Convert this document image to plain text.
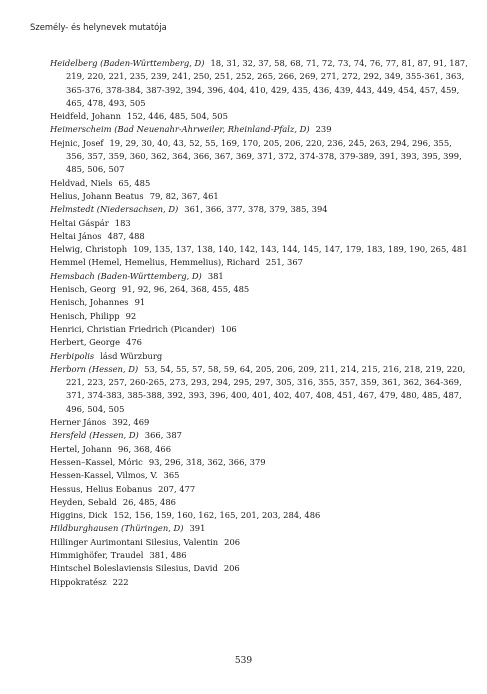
Személy- és helynevek mutatója

Heidelberg (Baden-Württemberg, D) 18, 31, 32, 37, 58, 68, 71, 72, 73, 74, 76, 77, 81, 87, 91, 187, 219, 220, 221, 235, 239, 241, 250, 251, 252, 265, 266, 269, 271, 272, 292, 349, 355-361, 363, 365-376, 378-384, 387-392, 394, 396, 404, 410, 429, 435, 436, 439, 443, 449, 454, 457, 459, 465, 478, 493, 505

Heidfeld, Johann 152, 446, 485, 504, 505

Heimerscheim (Bad Neuenahr-Ahrweiler, Rheinland-Pfalz, D) 239

Hejnic, Josef 19, 29, 30, 40, 43, 52, 55, 169, 170, 205, 206, 220, 236, 245, 263, 294, 296, 355, 356, 357, 359, 360, 362, 364, 366, 367, 369, 371, 372, 374-378, 379-389, 391, 393, 395, 399, 485, 506, 507

Heldvad, Niels 65, 485

Helius, Johann Beatus 79, 82, 367, 461

Helmstedt (Niedersachsen, D) 361, 366, 377, 378, 379, 385, 394

Heltai Gáspár 183

Heltai János 487, 488

Helwig, Christoph 109, 135, 137, 138, 140, 142, 143, 144, 145, 147, 179, 183, 189, 190, 265, 481

Hemmel (Hemel, Hemelius, Hemmelius), Richard 251, 367

Hemsbach (Baden-Württemberg, D) 381

Henisch, Georg 91, 92, 96, 264, 368, 455, 485

Henisch, Johannes 91

Henisch, Philipp 92

Henrici, Christian Friedrich (Picander) 106

Herbert, George 476

Herbipolis lásd Würzburg

Herborn (Hessen, D) 53, 54, 55, 57, 58, 59, 64, 205, 206, 209, 211, 214, 215, 216, 218, 219, 220, 221, 223, 257, 260-265, 273, 293, 294, 295, 297, 305, 316, 355, 357, 359, 361, 362, 364-369, 371, 374-383, 385-388, 392, 393, 396, 400, 401, 402, 407, 408, 451, 467, 479, 480, 485, 487, 496, 504, 505

Herner János 392, 469

Hersfeld (Hessen, D) 366, 387

Hertel, Johann 96, 368, 466

Hessen–Kassel, Móric 93, 296, 318, 362, 366, 379

Hessen-Kassel, Vilmos, V. 365

Hessus, Helius Eobanus 207, 477

Heyden, Sebald 26, 485, 486

Higgins, Dick 152, 156, 159, 160, 162, 165, 201, 203, 284, 486

Hildburghausen (Thüringen, D) 391

Hillinger Aurimontani Silesius, Valentin 206

Himmighöfer, Traudel 381, 486

Hintschel Boleslaviensis Silesius, David 206

Hippokratész 222

539
